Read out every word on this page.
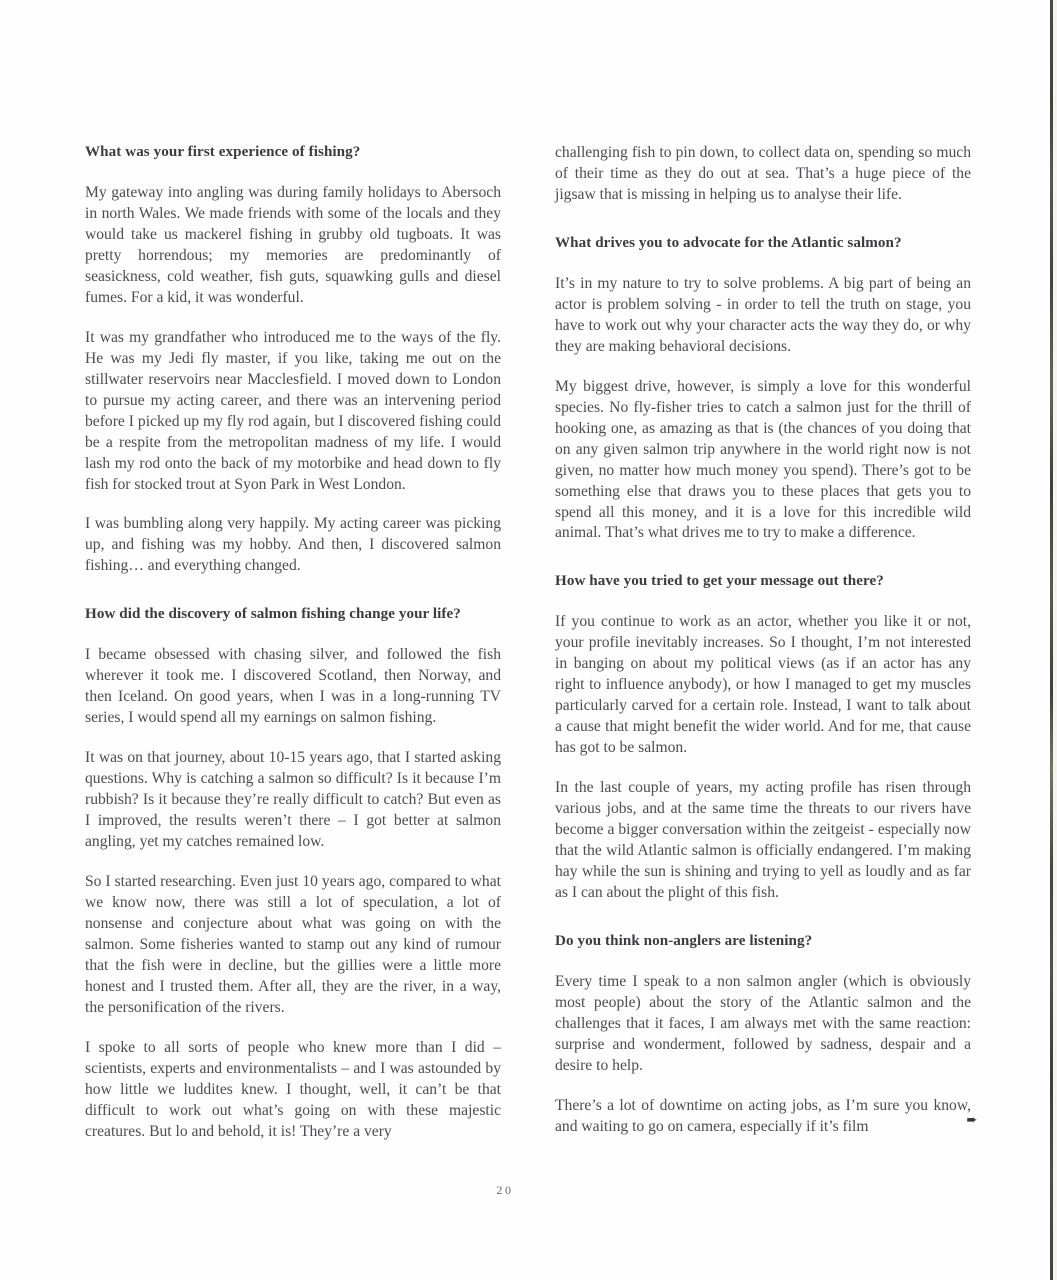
What was your first experience of fishing?

My gateway into angling was during family holidays to Abersoch in north Wales. We made friends with some of the locals and they would take us mackerel fishing in grubby old tugboats. It was pretty horrendous; my memories are predominantly of seasickness, cold weather, fish guts, squawking gulls and diesel fumes. For a kid, it was wonderful.

It was my grandfather who introduced me to the ways of the fly. He was my Jedi fly master, if you like, taking me out on the stillwater reservoirs near Macclesfield. I moved down to London to pursue my acting career, and there was an intervening period before I picked up my fly rod again, but I discovered fishing could be a respite from the metropolitan madness of my life. I would lash my rod onto the back of my motorbike and head down to fly fish for stocked trout at Syon Park in West London.

I was bumbling along very happily. My acting career was picking up, and fishing was my hobby. And then, I discovered salmon fishing… and everything changed.

How did the discovery of salmon fishing change your life?

I became obsessed with chasing silver, and followed the fish wherever it took me. I discovered Scotland, then Norway, and then Iceland. On good years, when I was in a long-running TV series, I would spend all my earnings on salmon fishing.

It was on that journey, about 10-15 years ago, that I started asking questions. Why is catching a salmon so difficult? Is it because I’m rubbish? Is it because they’re really difficult to catch? But even as I improved, the results weren’t there – I got better at salmon angling, yet my catches remained low.

So I started researching. Even just 10 years ago, compared to what we know now, there was still a lot of speculation, a lot of nonsense and conjecture about what was going on with the salmon. Some fisheries wanted to stamp out any kind of rumour that the fish were in decline, but the gillies were a little more honest and I trusted them. After all, they are the river, in a way, the personification of the rivers.

I spoke to all sorts of people who knew more than I did – scientists, experts and environmentalists – and I was astounded by how little we luddites knew. I thought, well, it can’t be that difficult to work out what’s going on with these majestic creatures. But lo and behold, it is! They’re a very

challenging fish to pin down, to collect data on, spending so much of their time as they do out at sea. That’s a huge piece of the jigsaw that is missing in helping us to analyse their life.

What drives you to advocate for the Atlantic salmon?

It’s in my nature to try to solve problems. A big part of being an actor is problem solving - in order to tell the truth on stage, you have to work out why your character acts the way they do, or why they are making behavioral decisions.

My biggest drive, however, is simply a love for this wonderful species. No fly-fisher tries to catch a salmon just for the thrill of hooking one, as amazing as that is (the chances of you doing that on any given salmon trip anywhere in the world right now is not given, no matter how much money you spend). There’s got to be something else that draws you to these places that gets you to spend all this money, and it is a love for this incredible wild animal. That’s what drives me to try to make a difference.

How have you tried to get your message out there?

If you continue to work as an actor, whether you like it or not, your profile inevitably increases. So I thought, I’m not interested in banging on about my political views (as if an actor has any right to influence anybody), or how I managed to get my muscles particularly carved for a certain role. Instead, I want to talk about a cause that might benefit the wider world. And for me, that cause has got to be salmon.

In the last couple of years, my acting profile has risen through various jobs, and at the same time the threats to our rivers have become a bigger conversation within the zeitgeist - especially now that the wild Atlantic salmon is officially endangered. I’m making hay while the sun is shining and trying to yell as loudly and as far as I can about the plight of this fish.

Do you think non-anglers are listening?

Every time I speak to a non salmon angler (which is obviously most people) about the story of the Atlantic salmon and the challenges that it faces, I am always met with the same reaction: surprise and wonderment, followed by sadness, despair and a desire to help.

There’s a lot of downtime on acting jobs, as I’m sure you know, and waiting to go on camera, especially if it’s film	➨
20
